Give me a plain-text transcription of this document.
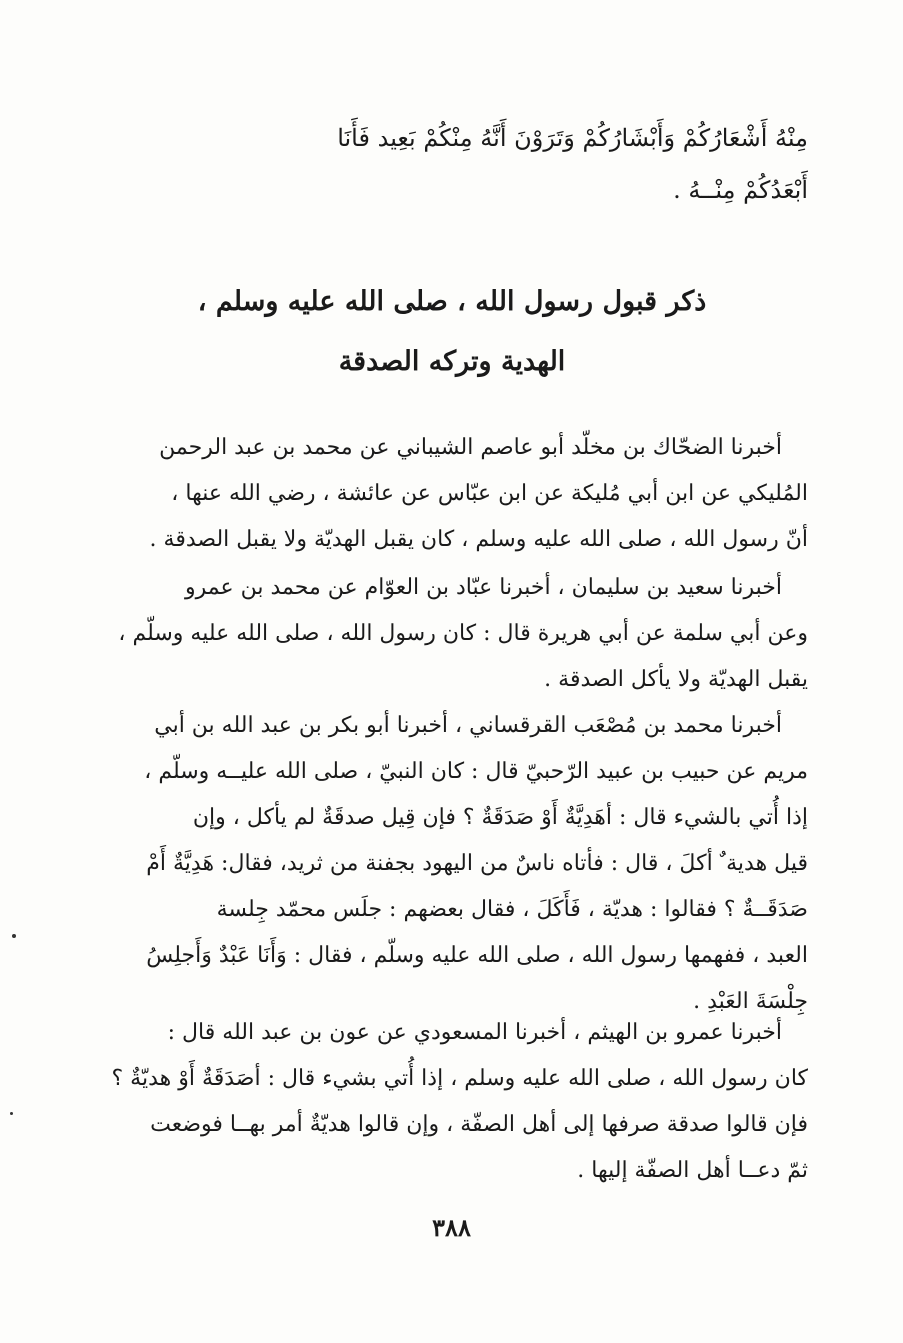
مِنْهُ أَشْعَارُكُمْ وَأَبْشَارُكُمْ وَتَرَوْنَ أَنَّهُ مِنْكُمْ بَعِيد فَأَنَا
أَبْعَدُكُمْ مِنْــهُ .
ذكر قبول رسول الله ، صلى الله عليه وسلم ،
الهدية وتركه الصدقة
أخبرنا الضحّاك بن مخلّد أبو عاصم الشيباني عن محمد بن عبد الرحمن
المُليكي عن ابن أبي مُليكة عن ابن عبّاس عن عائشة ، رضي الله عنها ،
أنّ رسول الله ، صلى الله عليه وسلم ، كان يقبل الهديّة ولا يقبل الصدقة .
أخبرنا سعيد بن سليمان ، أخبرنا عبّاد بن العوّام عن محمد بن عمرو
وعن أبي سلمة عن أبي هريرة قال : كان رسول الله ، صلى الله عليه وسلّم ،
يقبل الهديّة ولا يأكل الصدقة .
أخبرنا محمد بن مُصْعَب القرقساني ، أخبرنا أبو بكر بن عبد الله بن أبي
مريم عن حبيب بن عبيد الرّحبيّ قال : كان النبيّ ، صلى الله عليــه وسلّم ،
إذا أُتي بالشيء قال : أهَدِيَّةٌ أَوْ صَدَقَةٌ ؟ فإن قِيل صدقَةٌ لم يأكل ، وإن
قيل هدية ٌ أكلَ ، قال : فأتاه ناسٌ من اليهود بجفنة من ثريد، فقال: هَدِيَّةٌ أَمْ
صَدَقَــةٌ ؟ فقالوا : هديّة ، فَأَكَلَ ، فقال بعضهم : جلَس محمّد جِلسة
العبد ، ففهمها رسول الله ، صلى الله عليه وسلّم ، فقال : وَأَنَا عَبْدٌ وَأَجلِسُ
جِلْسَةَ العَبْدِ .
أخبرنا عمرو بن الهيثم ، أخبرنا المسعودي عن عون بن عبد الله قال :
كان رسول الله ، صلى الله عليه وسلم ، إذا أُتي بشيء قال : أصَدَقَةٌ أَوْ هديّةٌ ؟
فإن قالوا صدقة صرفها إلى أهل الصفّة ، وإن قالوا هديّةٌ أمر بهــا فوضعت
ثمّ دعــا أهل الصفّة إليها .
٣٨٨
